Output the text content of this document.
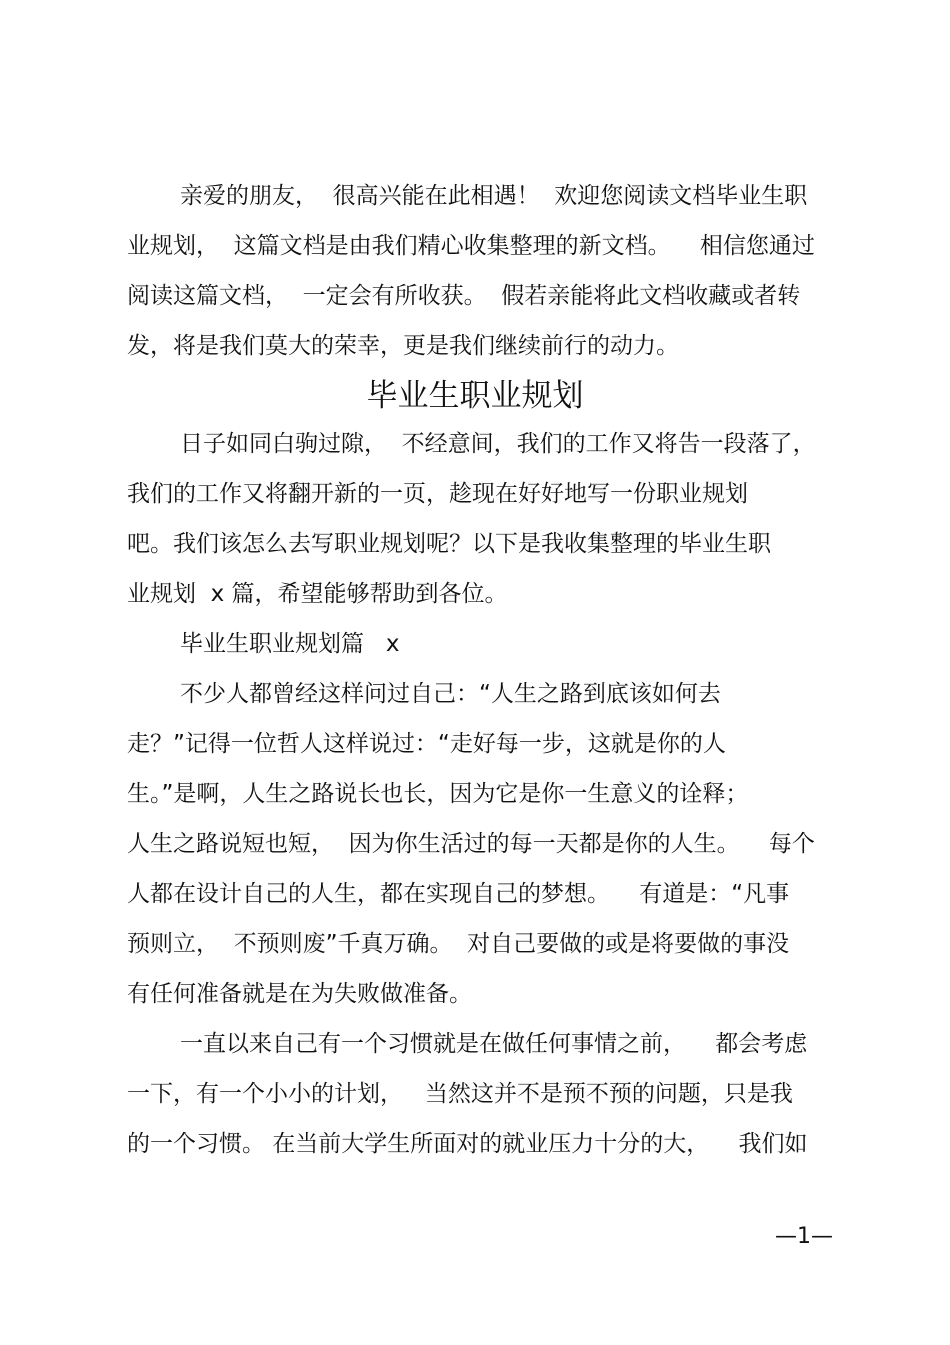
亲爱的朋友，  很高兴能在此相遇！  欢迎您阅读文档毕业生职

业规划，  这篇文档是由我们精心收集整理的新文档。    相信您通过

阅读这篇文档，  一定会有所收获。  假若亲能将此文档收藏或者转

发，将是我们莫大的荣幸，更是我们继续前行的动力。

毕业生职业规划

日子如同白驹过隙，  不经意间，我们的工作又将告一段落了，

我们的工作又将翻开新的一页，趁现在好好地写一份职业规划

吧。我们该怎么去写职业规划呢？以下是我收集整理的毕业生职

业规划  x 篇，希望能够帮助到各位。

毕业生职业规划篇   x

不少人都曾经这样问过自己：“人生之路到底该如何去

走？”记得一位哲人这样说过：“走好每一步，这就是你的人

生。”是啊，人生之路说长也长，因为它是你一生意义的诠释；

人生之路说短也短，  因为你生活过的每一天都是你的人生。    每个

人都在设计自己的人生，都在实现自己的梦想。    有道是：“凡事

预则立，  不预则废”千真万确。  对自己要做的或是将要做的事没

有任何准备就是在为失败做准备。

一直以来自己有一个习惯就是在做任何事情之前，    都会考虑

一下，有一个小小的计划，   当然这并不是预不预的问题，只是我

的一个习惯。 在当前大学生所面对的就业压力十分的大，    我们如

—1—
